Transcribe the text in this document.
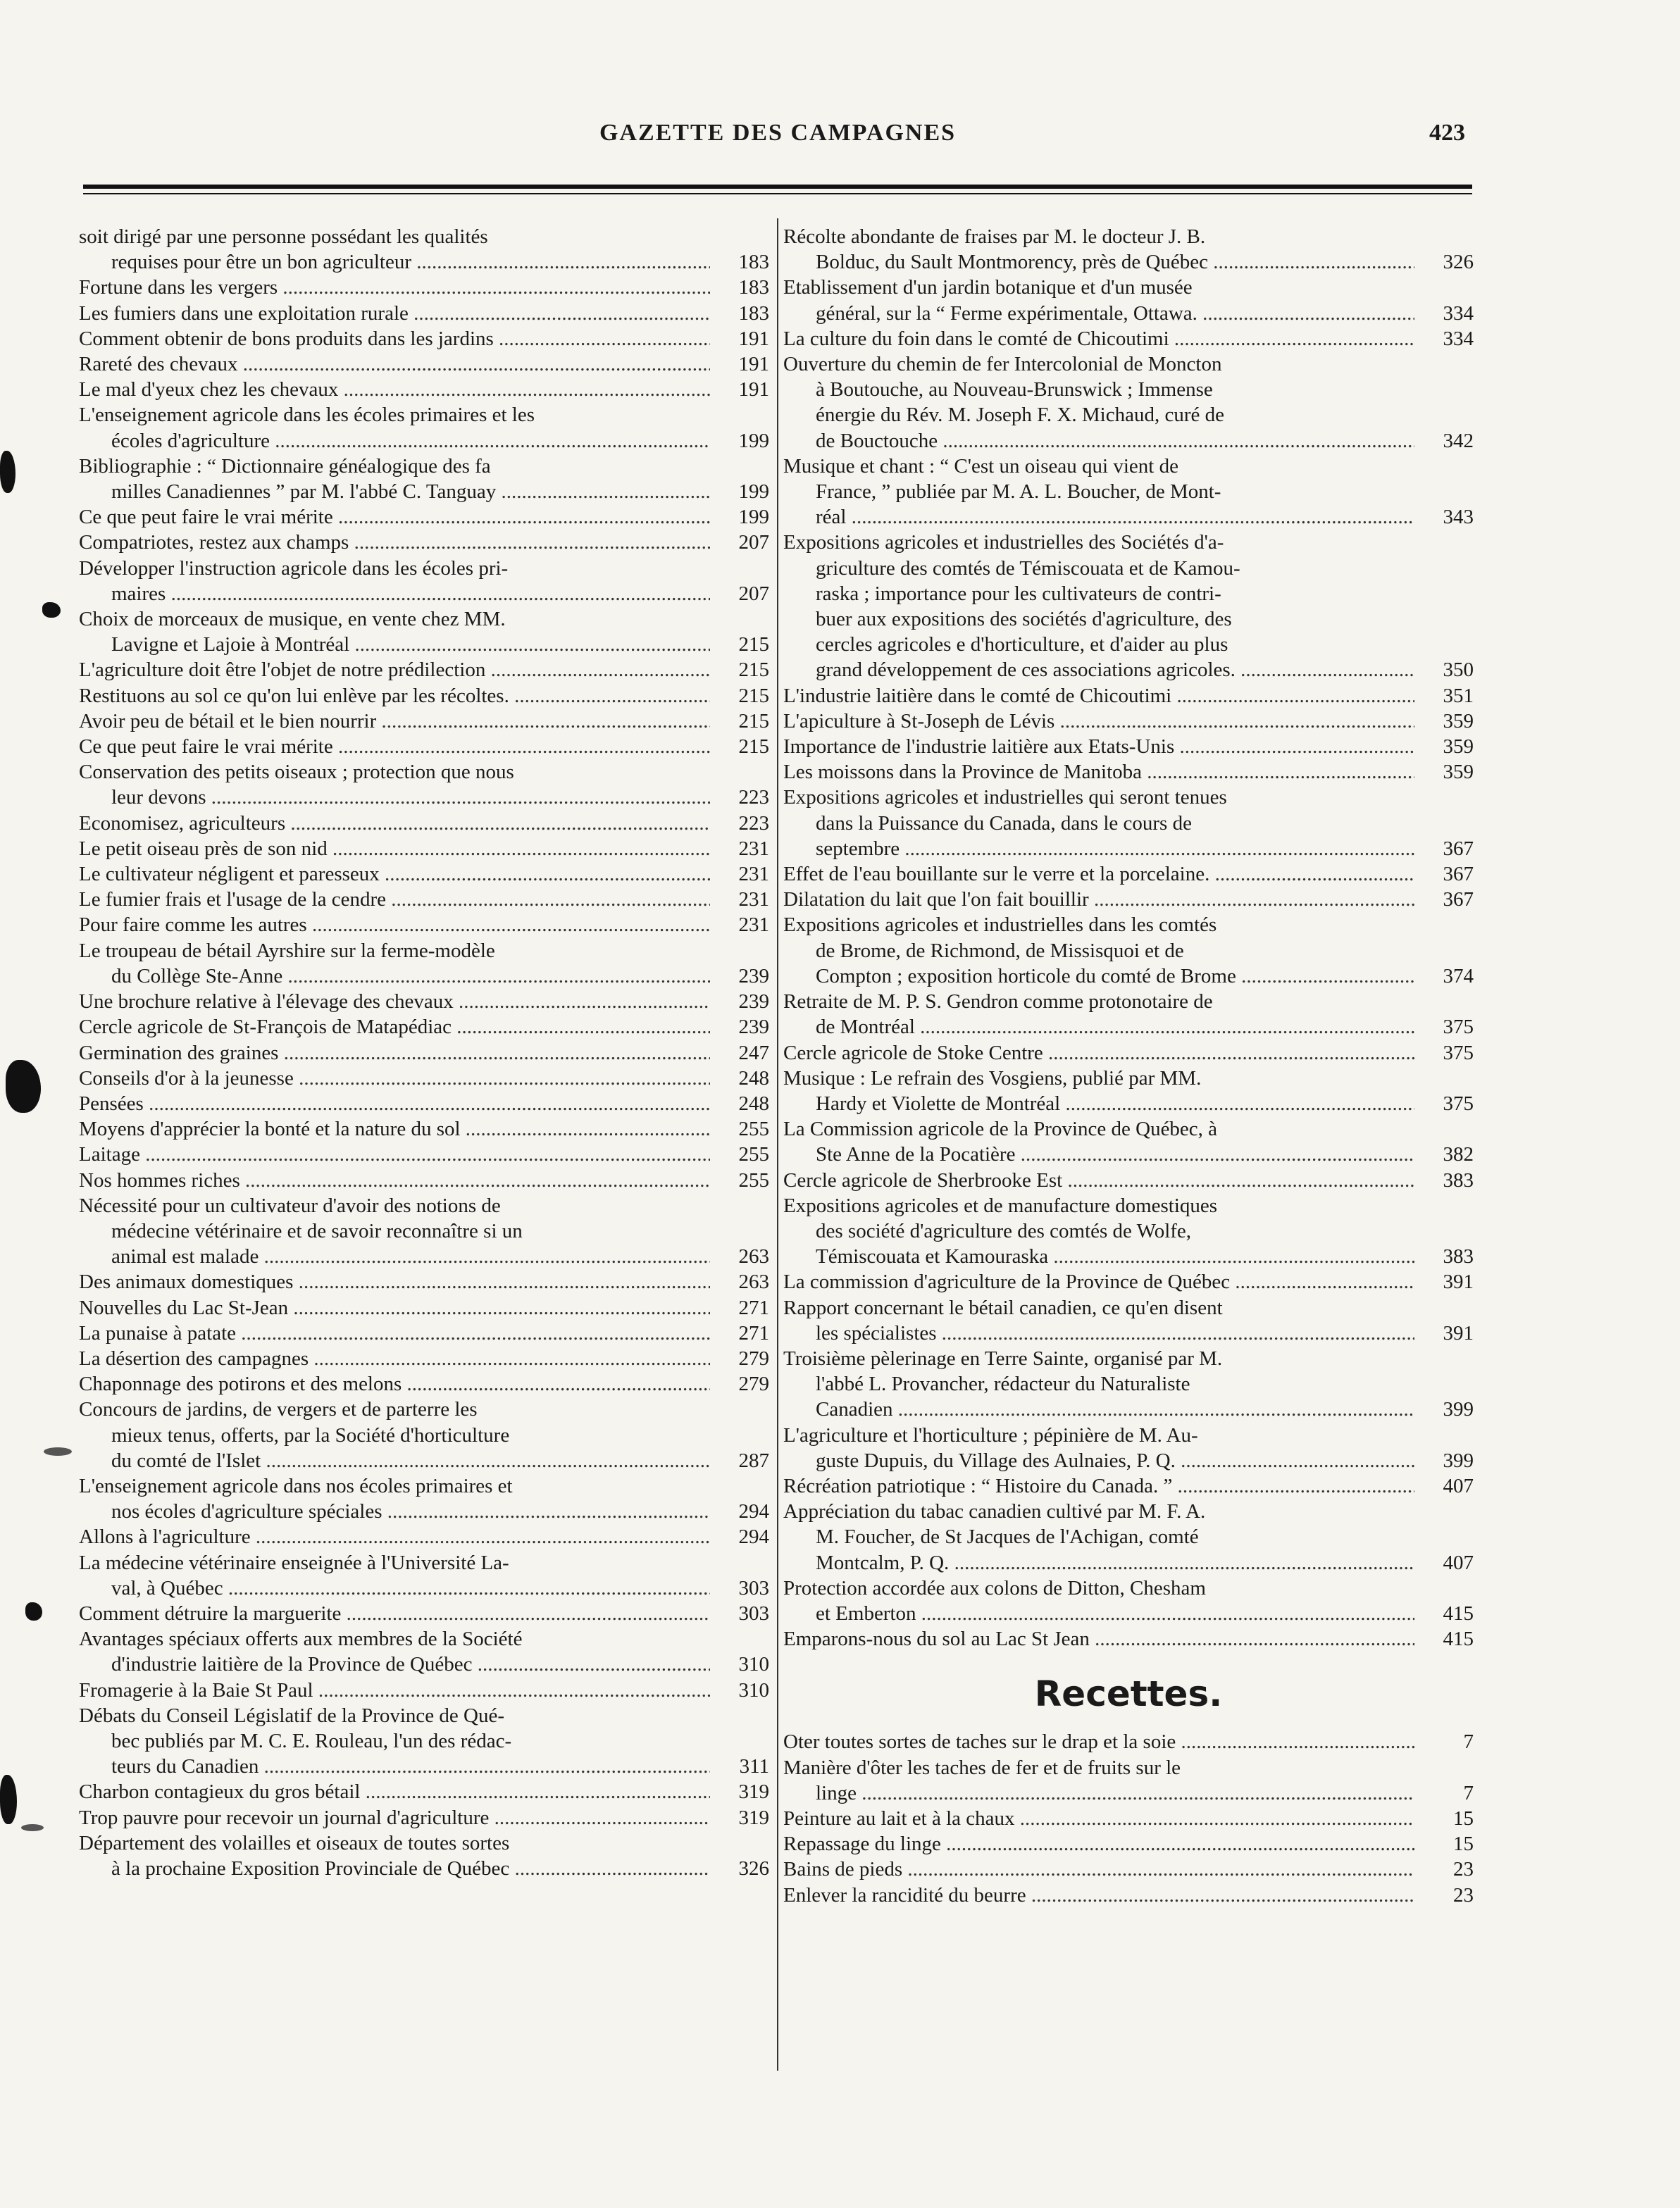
GAZETTE DES CAMPAGNES	423
soit dirigé par une personne possédant les qualités
requises pour être un bon agriculteur .....	183
Fortune dans les vergers .....	183
Les fumiers dans une exploitation rurale .....	183
Comment obtenir de bons produits dans les jardins .....	191
Rareté des chevaux .....	191
Le mal d'yeux chez les chevaux .....	191
L'enseignement agricole dans les écoles primaires et les
écoles d'agriculture .....	199
Bibliographie : “ Dictionnaire généalogique des fa
milles Canadiennes ” par M. l'abbé C. Tanguay .....	199
Ce que peut faire le vrai mérite .....	199
Compatriotes, restez aux champs .....	207
Développer l'instruction agricole dans les écoles pri-
maires .....	207
Choix de morceaux de musique, en vente chez MM.
Lavigne et Lajoie à Montréal .....	215
L'agriculture doit être l'objet de notre prédilection .....	215
Restituons au sol ce qu'on lui enlève par les récoltes. .....	215
Avoir peu de bétail et le bien nourrir .....	215
Ce que peut faire le vrai mérite .....	215
Conservation des petits oiseaux ; protection que nous
leur devons .....	223
Economisez, agriculteurs .....	223
Le petit oiseau près de son nid .....	231
Le cultivateur négligent et paresseux .....	231
Le fumier frais et l'usage de la cendre .....	231
Pour faire comme les autres .....	231
Le troupeau de bétail Ayrshire sur la ferme-modèle
du Collège Ste-Anne .....	239
Une brochure relative à l'élevage des chevaux .....	239
Cercle agricole de St-François de Matapédiac .....	239
Germination des graines .....	247
Conseils d'or à la jeunesse .....	248
Pensées .....	248
Moyens d'apprécier la bonté et la nature du sol .....	255
Laitage .....	255
Nos hommes riches .....	255
Nécessité pour un cultivateur d'avoir des notions de
médecine vétérinaire et de savoir reconnaître si un
animal est malade .....	263
Des animaux domestiques .....	263
Nouvelles du Lac St-Jean .....	271
La punaise à patate .....	271
La désertion des campagnes .....	279
Chaponnage des potirons et des melons .....	279
Concours de jardins, de vergers et de parterre les
mieux tenus, offerts, par la Société d'horticulture
du comté de l'Islet .....	287
L'enseignement agricole dans nos écoles primaires et
nos écoles d'agriculture spéciales .....	294
Allons à l'agriculture .....	294
La médecine vétérinaire enseignée à l'Université La-
val, à Québec .....	303
Comment détruire la marguerite .....	303
Avantages spéciaux offerts aux membres de la Société
d'industrie laitière de la Province de Québec .....	310
Fromagerie à la Baie St Paul .....	310
Débats du Conseil Législatif de la Province de Qué-
bec publiés par M. C. E. Rouleau, l'un des rédac-
teurs du Canadien .....	311
Charbon contagieux du gros bétail .....	319
Trop pauvre pour recevoir un journal d'agriculture .....	319
Département des volailles et oiseaux de toutes sortes
à la prochaine Exposition Provinciale de Québec .....	326
Récolte abondante de fraises par M. le docteur J. B.
Bolduc, du Sault Montmorency, près de Québec .....	326
Etablissement d'un jardin botanique et d'un musée
général, sur la “ Ferme expérimentale, Ottawa. .....	334
La culture du foin dans le comté de Chicoutimi .....	334
Ouverture du chemin de fer Intercolonial de Moncton
à Boutouche, au Nouveau-Brunswick ; Immense
énergie du Rév. M. Joseph F. X. Michaud, curé de
de Bouctouche .....	342
Musique et chant : “ C'est un oiseau qui vient de
France, ” publiée par M. A. L. Boucher, de Mont-
réal .....	343
Expositions agricoles et industrielles des Sociétés d'a-
griculture des comtés de Témiscouata et de Kamou-
raska ; importance pour les cultivateurs de contri-
buer aux expositions des sociétés d'agriculture, des
cercles agricoles e d'horticulture, et d'aider au plus
grand développement de ces associations agricoles. .....	350
L'industrie laitière dans le comté de Chicoutimi .....	351
L'apiculture à St-Joseph de Lévis .....	359
Importance de l'industrie laitière aux Etats-Unis .....	359
Les moissons dans la Province de Manitoba .....	359
Expositions agricoles et industrielles qui seront tenues
dans la Puissance du Canada, dans le cours de
septembre .....	367
Effet de l'eau bouillante sur le verre et la porcelaine. .....	367
Dilatation du lait que l'on fait bouillir .....	367
Expositions agricoles et industrielles dans les comtés
de Brome, de Richmond, de Missisquoi et de
Compton ; exposition horticole du comté de Brome .....	374
Retraite de M. P. S. Gendron comme protonotaire de
de Montréal .....	375
Cercle agricole de Stoke Centre .....	375
Musique : Le refrain des Vosgiens, publié par MM.
Hardy et Violette de Montréal .....	375
La Commission agricole de la Province de Québec, à
Ste Anne de la Pocatière .....	382
Cercle agricole de Sherbrooke Est .....	383
Expositions agricoles et de manufacture domestiques
des société d'agriculture des comtés de Wolfe,
Témiscouata et Kamouraska .....	383
La commission d'agriculture de la Province de Québec .....	391
Rapport concernant le bétail canadien, ce qu'en disent
les spécialistes .....	391
Troisième pèlerinage en Terre Sainte, organisé par M.
l'abbé L. Provancher, rédacteur du Naturaliste
Canadien .....	399
L'agriculture et l'horticulture ; pépinière de M. Au-
guste Dupuis, du Village des Aulnaies, P. Q. .....	399
Récréation patriotique : “ Histoire du Canada. ” .....	407
Appréciation du tabac canadien cultivé par M. F. A.
M. Foucher, de St Jacques de l'Achigan, comté
Montcalm, P. Q. .....	407
Protection accordée aux colons de Ditton, Chesham
et Emberton .....	415
Emparons-nous du sol au Lac St Jean .....	415
Recettes.
Oter toutes sortes de taches sur le drap et la soie .....	7
Manière d'ôter les taches de fer et de fruits sur le
linge .....	7
Peinture au lait et à la chaux .....	15
Repassage du linge .....	15
Bains de pieds .....	23
Enlever la rancidité du beurre .....	23
